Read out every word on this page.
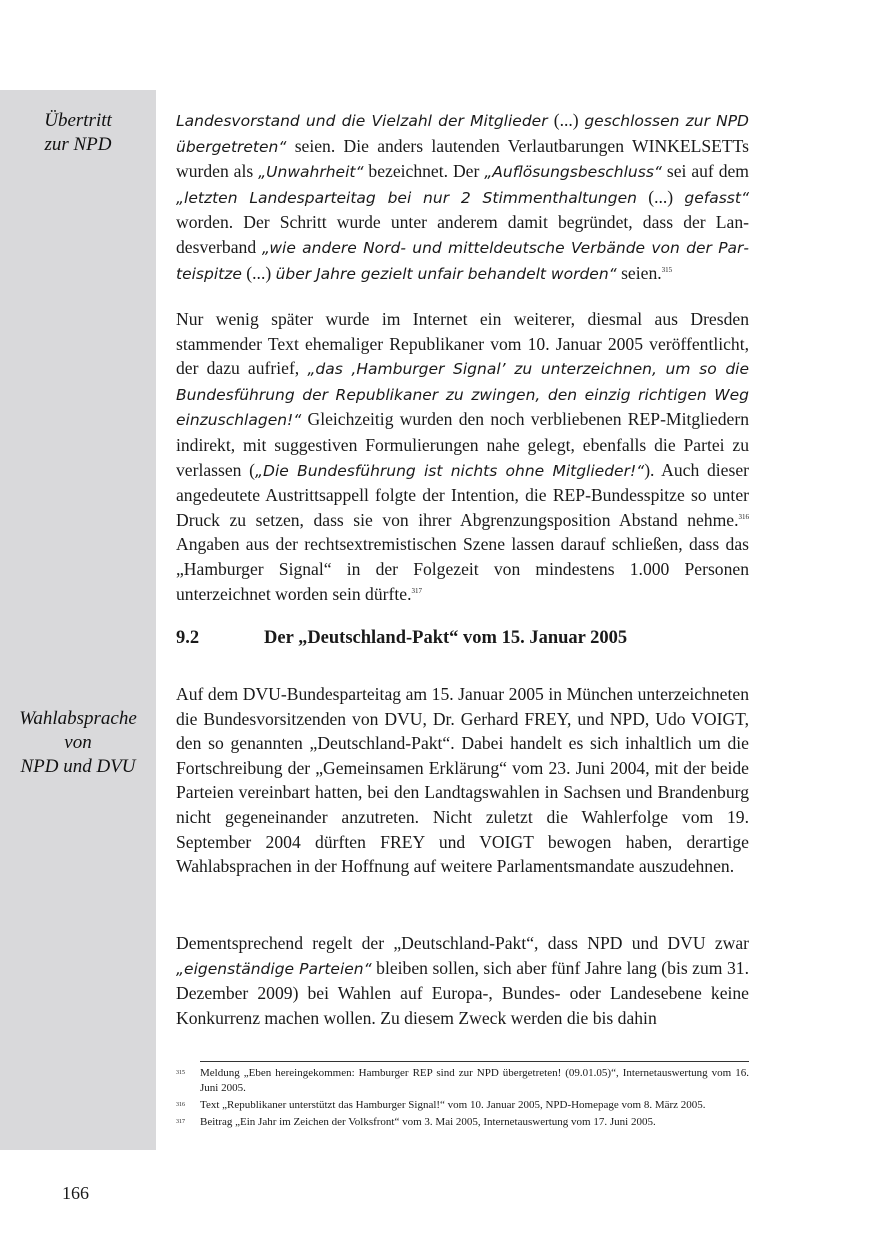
Übertritt
zur NPD
Wahlabsprache
von
NPD und DVU

Landesvorstand und die Vielzahl der Mitglieder (...) geschlossen zur NPD übergetreten“ seien. Die anders lautenden Verlautbarungen WINKELSETTs wurden als „Unwahrheit“ bezeichnet. Der „Auflösungsbeschluss“ sei auf dem „letzten Landesparteitag bei nur 2 Stimmenthaltungen (...) gefasst“ worden. Der Schritt wurde unter anderem damit begründet, dass der Landesverband „wie andere Nord- und mitteldeutsche Verbände von der Parteispitze (...) über Jahre gezielt unfair behandelt worden“ seien.$^{315}$

Nur wenig später wurde im Internet ein weiterer, diesmal aus Dresden stammender Text ehemaliger Republikaner vom 10. Januar 2005 veröffentlicht, der dazu aufrief, „das ‚Hamburger Signal’ zu unterzeichnen, um so die Bundesführung der Republikaner zu zwingen, den einzig richtigen Weg einzuschlagen!“ Gleichzeitig wurden den noch verbliebenen REP-Mitgliedern indirekt, mit suggestiven Formulierungen nahe gelegt, ebenfalls die Partei zu verlassen („Die Bundesführung ist nichts ohne Mitglieder!“). Auch dieser angedeutete Austrittsappell folgte der Intention, die REP-Bundesspitze so unter Druck zu setzen, dass sie von ihrer Abgrenzungsposition Abstand nehme.$^{316}$ Angaben aus der rechtsextremistischen Szene lassen darauf schließen, dass das „Hamburger Signal“ in der Folgezeit von mindestens 1.000 Personen unterzeichnet worden sein dürfte.$^{317}$

9.2	Der „Deutschland-Pakt“ vom 15. Januar 2005

Auf dem DVU-Bundesparteitag am 15. Januar 2005 in München unterzeichneten die Bundesvorsitzenden von DVU, Dr. Gerhard FREY, und NPD, Udo VOIGT, den so genannten „Deutschland-Pakt“. Dabei handelt es sich inhaltlich um die Fortschreibung der „Gemeinsamen Erklärung“ vom 23. Juni 2004, mit der beide Parteien vereinbart hatten, bei den Landtagswahlen in Sachsen und Brandenburg nicht gegeneinander anzutreten. Nicht zuletzt die Wahlerfolge vom 19. September 2004 dürften FREY und VOIGT bewogen haben, derartige Wahlabsprachen in der Hoffnung auf weitere Parlamentsmandate auszudehnen.

Dementsprechend regelt der „Deutschland-Pakt“, dass NPD und DVU zwar „eigenständige Parteien“ bleiben sollen, sich aber fünf Jahre lang (bis zum 31. Dezember 2009) bei Wahlen auf Europa-, Bundes- oder Landesebene keine Konkurrenz machen wollen. Zu diesem Zweck werden die bis dahin

315 Meldung „Eben hereingekommen: Hamburger REP sind zur NPD übergetreten! (09.01.05)“, Internetauswertung vom 16. Juni 2005.
316 Text „Republikaner unterstützt das Hamburger Signal!“ vom 10. Januar 2005, NPD-Homepage vom 8. März 2005.
317 Beitrag „Ein Jahr im Zeichen der Volksfront“ vom 3. Mai 2005, Internetauswertung vom 17. Juni 2005.
166
